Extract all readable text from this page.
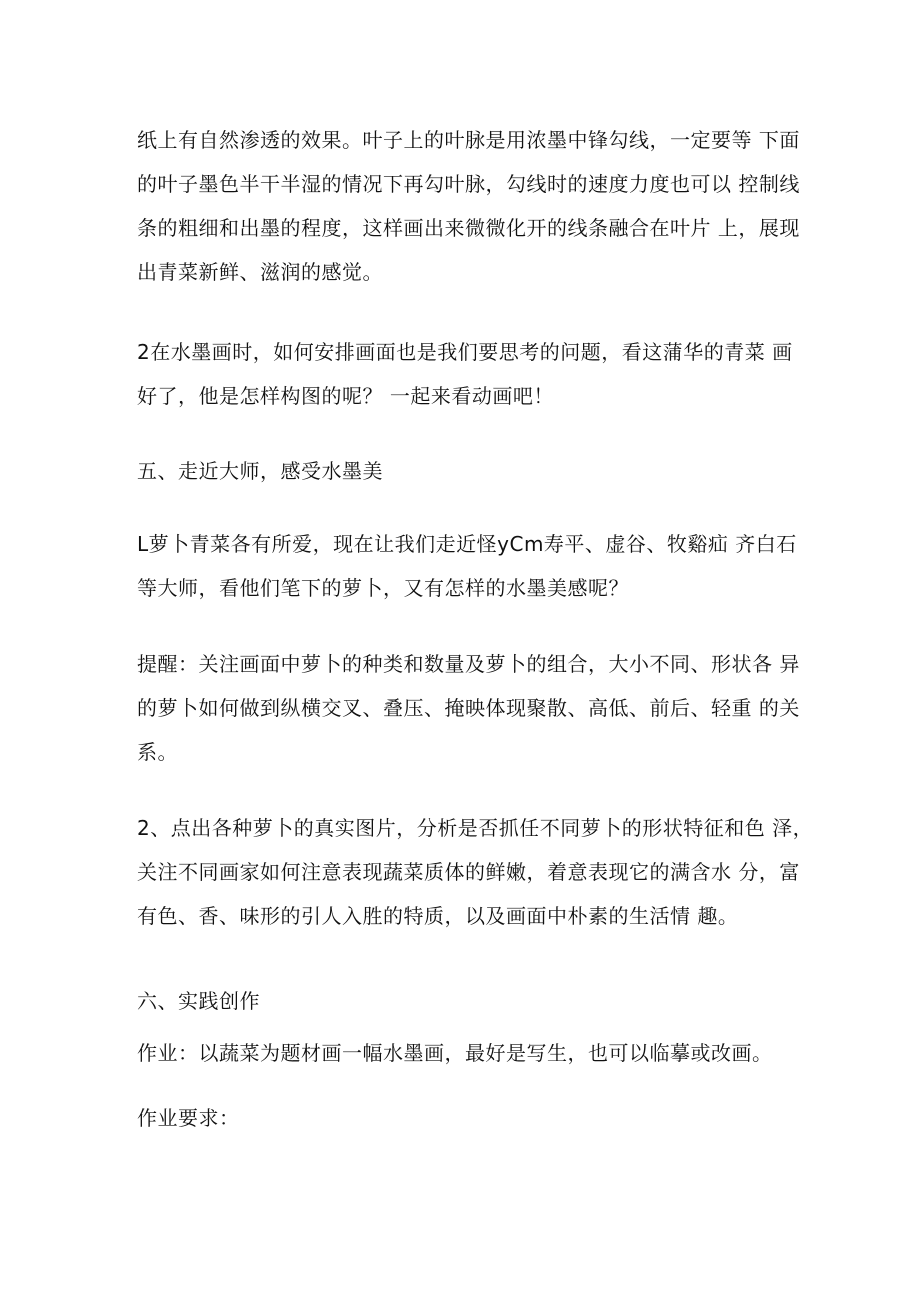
纸上有自然渗透的效果。叶子上的叶脉是用浓墨中锋勾线，一定要等 下面
的叶子墨色半干半湿的情况下再勾叶脉，勾线时的速度力度也可以 控制线
条的粗细和出墨的程度，这样画出来微微化开的线条融合在叶片 上，展现
出青菜新鲜、滋润的感觉。
2在水墨画时，如何安排画面也是我们要思考的问题，看这蒲华的青菜 画
好了，他是怎样构图的呢？ 一起来看动画吧！
五、走近大师，感受水墨美
L萝卜青菜各有所爱，现在让我们走近怪yCm寿平、虚谷、牧谿疝 齐白石
等大师，看他们笔下的萝卜，又有怎样的水墨美感呢？
提醒：关注画面中萝卜的种类和数量及萝卜的组合，大小不同、形状各 异
的萝卜如何做到纵横交叉、叠压、掩映体现聚散、高低、前后、轻重 的关
系。
2、点出各种萝卜的真实图片，分析是否抓任不同萝卜的形状特征和色 泽，
关注不同画家如何注意表现蔬菜质体的鲜嫩，着意表现它的满含水 分，富
有色、香、味形的引人入胜的特质，以及画面中朴素的生活情 趣。
六、实践创作
作业：以蔬菜为题材画一幅水墨画，最好是写生，也可以临摹或改画。
作业要求：
